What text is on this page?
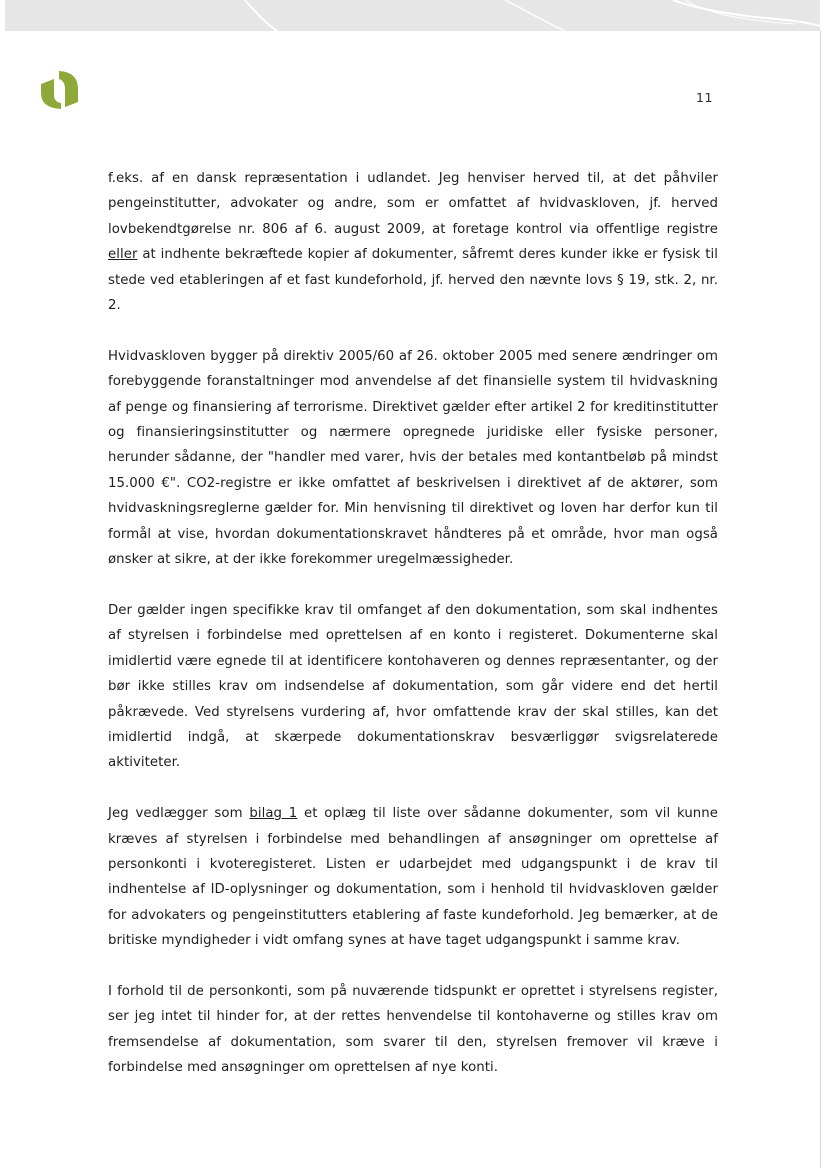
11

f.eks. af en dansk repræsentation i udlandet. Jeg henviser herved til, at det påhviler pengeinstitutter, advokater og andre, som er omfattet af hvidvaskloven, jf. herved lovbekendtgørelse nr. 806 af 6. august 2009, at foretage kontrol via offentlige registre eller at indhente bekræftede kopier af dokumenter, såfremt deres kunder ikke er fysisk til stede ved etableringen af et fast kundeforhold, jf. herved den nævnte lovs § 19, stk. 2, nr. 2.

Hvidvaskloven bygger på direktiv 2005/60 af 26. oktober 2005 med senere ændringer om forebyggende foranstaltninger mod anvendelse af det finansielle system til hvidvaskning af penge og finansiering af terrorisme. Direktivet gælder efter artikel 2 for kreditinstitutter og finansieringsinstitutter og nærmere opregnede juridiske eller fysiske personer, herunder sådanne, der "handler med varer, hvis der betales med kontantbeløb på mindst 15.000 €". CO2-registre er ikke omfattet af beskrivelsen i direktivet af de aktører, som hvidvaskningsreglerne gælder for. Min henvisning til direktivet og loven har derfor kun til formål at vise, hvordan dokumentationskravet håndteres på et område, hvor man også ønsker at sikre, at der ikke forekommer uregelmæssigheder.

Der gælder ingen specifikke krav til omfanget af den dokumentation, som skal indhentes af styrelsen i forbindelse med oprettelsen af en konto i registeret. Dokumenterne skal imidlertid være egnede til at identificere kontohaveren og dennes repræsentanter, og der bør ikke stilles krav om indsendelse af dokumentation, som går videre end det hertil påkrævede. Ved styrelsens vurdering af, hvor omfattende krav der skal stilles, kan det imidlertid indgå, at skærpede dokumentationskrav besværliggør svigsrelaterede aktiviteter.

Jeg vedlægger som bilag 1 et oplæg til liste over sådanne dokumenter, som vil kunne kræves af styrelsen i forbindelse med behandlingen af ansøgninger om oprettelse af personkonti i kvoteregisteret. Listen er udarbejdet med udgangspunkt i de krav til indhentelse af ID-oplysninger og dokumentation, som i henhold til hvidvaskloven gælder for advokaters og pengeinstitutters etablering af faste kundeforhold. Jeg bemærker, at de britiske myndigheder i vidt omfang synes at have taget udgangspunkt i samme krav.

I forhold til de personkonti, som på nuværende tidspunkt er oprettet i styrelsens register, ser jeg intet til hinder for, at der rettes henvendelse til kontohaverne og stilles krav om fremsendelse af dokumentation, som svarer til den, styrelsen fremover vil kræve i forbindelse med ansøgninger om oprettelsen af nye konti.
